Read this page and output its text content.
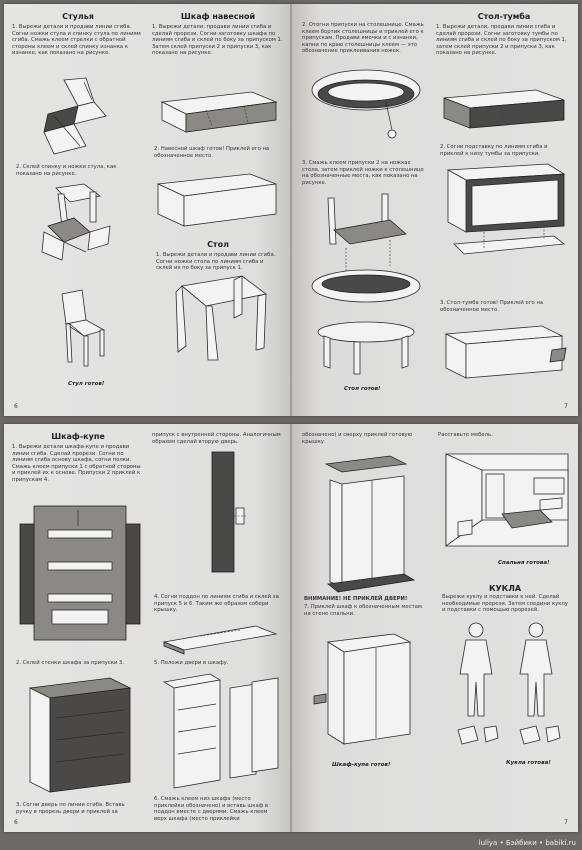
Стулья

1. Вырежи детали и продави линии сгиба. Согни ножки стула и спинку стула по линиям сгиба. Смажь клеем стрелки с обратной стороны клеем и склей спинку изнанка к изнанке, как показано на рисунке.

2. Склей спинку и ножки стула, как показано на рисунке.
Стул готов!
Шкаф навесной

1. Вырежи детали, продави линии сгиба и сделай прорези. Согни заготовку шкафа по линиям сгиба и склей по боку за припуском 1. Затем склей припуски 2 и припуски 3, как показано на рисунке.

2. Навесной шкаф готов! Приклей его на обозначенное место.
Стол
1. Вырежи детали и продави линии сгиба. Согни ножки стола по линиям сгиба и склей их по боку за припуск 1.
6

2. Отогни припуски на столешнице. Смажь клеем бортик столешницы и приклей его к припускам. Продави ямочки и с изнанки, капни по краю столешницы клеем — это обозначение приклеивания ножек.

3. Смажь клеем припуски 2 на ножках стола, затем приклей ножки к столешнице на обозначенные места, как показано на рисунке.
Стол готов!
Стол-тумба

1. Вырежи детали, продави линии сгиба и сделай прорези. Согни заготовку тумбы по линиям сгиба и склей по боку за припуском 1, затем склей припуски 2 и припуски 3, как показано на рисунке.

2. Согни подставку по линиям сгиба и приклей к низу тумбы за припуски.
3. Стол-тумба готов! Приклей его на обозначенное место.
7
Шкаф-купе

1. Вырежи детали шкафа-купе и продави линии сгиба. Сделай прорези. Согни по линиям сгиба основу шкафа, согни полки. Смажь клеем припуски 1 с обратной стороны и приклей их к основе. Припуски 2 приклей к припускам 4.

2. Склей стенки шкафа за припуски 3.
3. Согни дверь по линии сгиба. Вставь ручку в прорезь двери и приклей за

припуск с внутренней стороны. Аналогичным образом сделай вторую дверь.

4. Согни поддон по линиям сгиба и склей за припуск 5 и 6. Таким же образом собери крышку.
5. Положи двери в шкафу.
6. Смажь клеем низ шкафа (место приклейки обозначено) и вставь шкаф в поддон вместе с дверями. Смажь клеем верх шкафа (место приклейки
6

обозначено) и сверху приклей готовую крышку.

ВНИМАНИЕ! НЕ ПРИКЛЕЙ ДВЕРИ!
7. Приклей шкаф к обозначенным местам на стене спальни.
Шкаф-купе готов!

Расставьте мебель.

Спальня готова!
КУКЛА
Вырежи куклу и подставки к ней. Сделай необходимые прорези. Затем соедини куклу и подставки с помощью прорезей.
Кукла готова!
7
luliya • Бэйбики • babiki.ru
